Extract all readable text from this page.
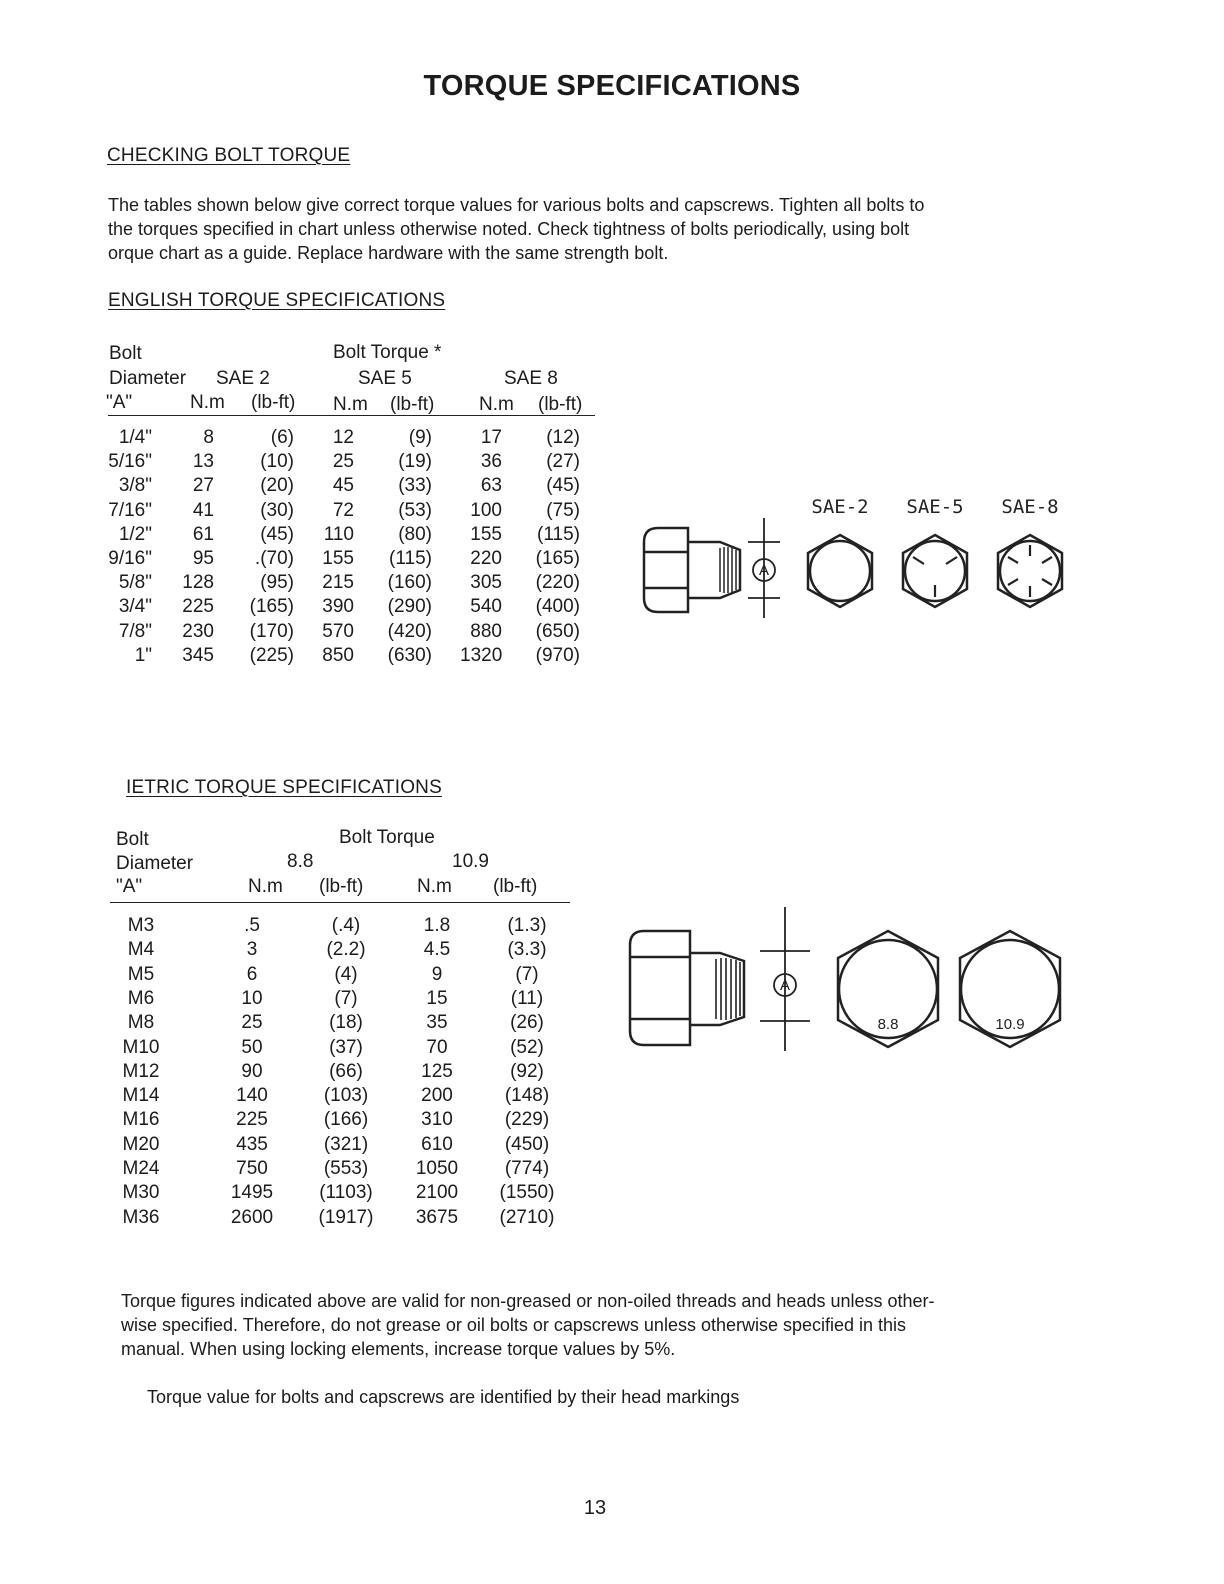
TORQUE SPECIFICATIONS
CHECKING BOLT TORQUE

The tables shown below give correct torque values for various bolts and capscrews. Tighten all bolts to

the torques specified in chart unless otherwise noted. Check tightness of bolts periodically, using bolt

orque chart as a guide. Replace hardware with the same strength bolt.

ENGLISH TORQUE SPECIFICATIONS
Bolt	Bolt Torque *
Diameter SAE 2	SAE 5	SAE 8
"A"	N.m (lb-ft) N.m (lb-ft) N.m (lb-ft)
1/4"	8	(6)	12	(9)	17	(12)
5/16"	13	(10)	25	(19)	36	(27)
3/8"	27	(20)	45	(33)	63	(45)
7/16"	41	(30)	72	(53)	100	(75)
1/2"	61	(45)	110	(80)	155	(115)
9/16"	95	.(70)	155	(115)	220 (165)
5/8"	128	(95)	215	(160)	305 (220)
3/4"	225	(165)	390	(290)	540 (400)
7/8"	230	(170)	570	(420)	880 (650)
1"	345	(225)	850	(630) 1320 (970)
A
SAE-2 SAE-5 SAE-8
IETRIC TORQUE SPECIFICATIONS
Bolt	Bolt Torque
Diameter	8.8	10.9
"A"	N.m (lb-ft)	N.m (lb-ft)
M3	.5	(.4)	1.8	(1.3)
M4	3	(2.2)	4.5	(3.3)
M5	6	(4)	9	(7)
M6	10	(7)	15	(11)
M8	25	(18)	35	(26)
M10	50	(37)	70	(52)
M12	90	(66)	125	(92)
M14	140	(103)	200	(148)
M16	225	(166)	310	(229)
M20	435	(321)	610	(450)
M24	750	(553)	1050	(774)
M30	1495	(1103)	2100	(1550)
M36	2600	(1917)	3675	(2710)
A
8.8	10.9

Torque figures indicated above are valid for non-greased or non-oiled threads and heads unless other-

wise specified. Therefore, do not grease or oil bolts or capscrews unless otherwise specified in this

manual. When using locking elements, increase torque values by 5%.

Torque value for bolts and capscrews are identified by their head markings
13
